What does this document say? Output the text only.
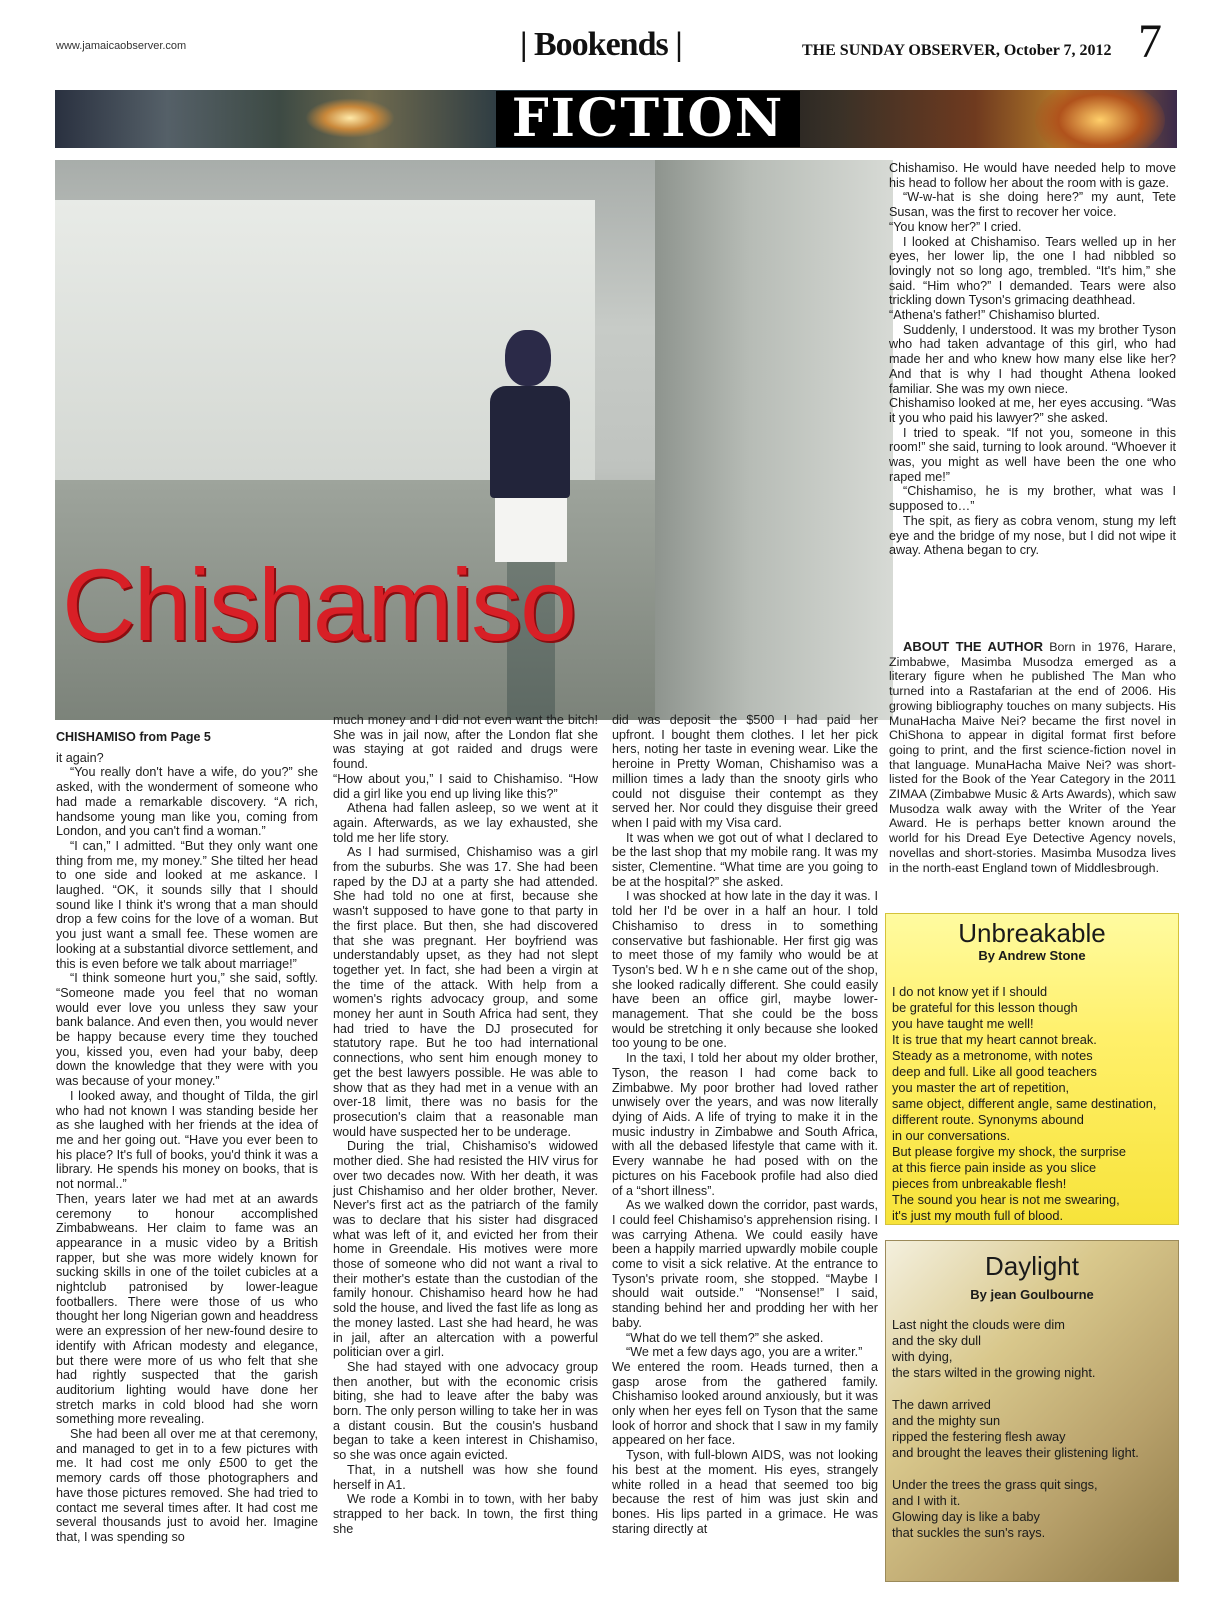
www.jamaicaobserver.com	| Bookends |	THE SUNDAY OBSERVER, October 7, 2012 7
FICTION
Chishamiso

CHISHAMISO from Page 5

it again?

“You really don't have a wife, do you?” she asked, with the wonderment of someone who had made a remarkable discovery. “A rich, handsome young man like you, coming from London, and you can't find a woman.”

“I can,” I admitted. “But they only want one thing from me, my money.” She tilted her head to one side and looked at me askance. I laughed. “OK, it sounds silly that I should sound like I think it's wrong that a man should drop a few coins for the love of a woman. But you just want a small fee. These women are looking at a substantial divorce settlement, and this is even before we talk about marriage!”

“I think someone hurt you,” she said, softly. “Someone made you feel that no woman would ever love you unless they saw your bank balance. And even then, you would never be happy because every time they touched you, kissed you, even had your baby, deep down the knowledge that they were with you was because of your money.”

I looked away, and thought of Tilda, the girl who had not known I was standing beside her as she laughed with her friends at the idea of me and her going out. “Have you ever been to his place? It's full of books, you'd think it was a library. He spends his money on books, that is not normal..”

Then, years later we had met at an awards ceremony to honour accomplished Zimbabweans. Her claim to fame was an appearance in a music video by a British rapper, but she was more widely known for sucking skills in one of the toilet cubicles at a nightclub patronised by lower-league footballers. There were those of us who thought her long Nigerian gown and headdress were an expression of her new-found desire to identify with African modesty and elegance, but there were more of us who felt that she had rightly suspected that the garish auditorium lighting would have done her stretch marks in cold blood had she worn something more revealing.

She had been all over me at that ceremony, and managed to get in to a few pictures with me. It had cost me only £500 to get the memory cards off those photographers and have those pictures removed. She had tried to contact me several times after. It had cost me several thousands just to avoid her. Imagine that, I was spending so

much money and I did not even want the bitch! She was in jail now, after the London flat she was staying at got raided and drugs were found.

“How about you,” I said to Chishamiso. “How did a girl like you end up living like this?”

Athena had fallen asleep, so we went at it again. Afterwards, as we lay exhausted, she told me her life story.

As I had surmised, Chishamiso was a girl from the suburbs. She was 17. She had been raped by the DJ at a party she had attended. She had told no one at first, because she wasn't supposed to have gone to that party in the first place. But then, she had discovered that she was pregnant. Her boyfriend was understandably upset, as they had not slept together yet. In fact, she had been a virgin at the time of the attack. With help from a women's rights advocacy group, and some money her aunt in South Africa had sent, they had tried to have the DJ prosecuted for statutory rape. But he too had international connections, who sent him enough money to get the best lawyers possible. He was able to show that as they had met in a venue with an over-18 limit, there was no basis for the prosecution's claim that a reasonable man would have suspected her to be underage.

During the trial, Chishamiso's widowed mother died. She had resisted the HIV virus for over two decades now. With her death, it was just Chishamiso and her older brother, Never. Never's first act as the patriarch of the family was to declare that his sister had disgraced what was left of it, and evicted her from their home in Greendale. His motives were more those of someone who did not want a rival to their mother's estate than the custodian of the family honour. Chishamiso heard how he had sold the house, and lived the fast life as long as the money lasted. Last she had heard, he was in jail, after an altercation with a powerful politician over a girl.

She had stayed with one advocacy group then another, but with the economic crisis biting, she had to leave after the baby was born. The only person willing to take her in was a distant cousin. But the cousin's husband began to take a keen interest in Chishamiso, so she was once again evicted.

That, in a nutshell was how she found herself in A1.

We rode a Kombi in to town, with her baby strapped to her back. In town, the first thing she

did was deposit the $500 I had paid her upfront. I bought them clothes. I let her pick hers, noting her taste in evening wear. Like the heroine in Pretty Woman, Chishamiso was a million times a lady than the snooty girls who could not disguise their contempt as they served her. Nor could they disguise their greed when I paid with my Visa card.

It was when we got out of what I declared to be the last shop that my mobile rang. It was my sister, Clementine. “What time are you going to be at the hospital?” she asked.

I was shocked at how late in the day it was. I told her I'd be over in a half an hour. I told Chishamiso to dress in to something conservative but fashionable. Her first gig was to meet those of my family who would be at Tyson's bed. W h e n she came out of the shop, she looked radically different. She could easily have been an office girl, maybe lower-management. That she could be the boss would be stretching it only because she looked too young to be one.

In the taxi, I told her about my older brother, Tyson, the reason I had come back to Zimbabwe. My poor brother had loved rather unwisely over the years, and was now literally dying of Aids. A life of trying to make it in the music industry in Zimbabwe and South Africa, with all the debased lifestyle that came with it. Every wannabe he had posed with on the pictures on his Facebook profile had also died of a “short illness”.

As we walked down the corridor, past wards, I could feel Chishamiso's apprehension rising. I was carrying Athena. We could easily have been a happily married upwardly mobile couple come to visit a sick relative. At the entrance to Tyson's private room, she stopped. “Maybe I should wait outside.” “Nonsense!” I said, standing behind her and prodding her with her baby.

“What do we tell them?” she asked.

“We met a few days ago, you are a writer.”

We entered the room. Heads turned, then a gasp arose from the gathered family. Chishamiso looked around anxiously, but it was only when her eyes fell on Tyson that the same look of horror and shock that I saw in my family appeared on her face.

Tyson, with full-blown AIDS, was not looking his best at the moment. His eyes, strangely white rolled in a head that seemed too big because the rest of him was just skin and bones. His lips parted in a grimace. He was staring directly at

Chishamiso. He would have needed help to move his head to follow her about the room with is gaze.

“W-w-hat is she doing here?” my aunt, Tete Susan, was the first to recover her voice.

“You know her?” I cried.

I looked at Chishamiso. Tears welled up in her eyes, her lower lip, the one I had nibbled so lovingly not so long ago, trembled. “It's him,” she said. “Him who?” I demanded. Tears were also trickling down Tyson's grimacing deathhead.

“Athena's father!” Chishamiso blurted.

Suddenly, I understood. It was my brother Tyson who had taken advantage of this girl, who had made her and who knew how many else like her? And that is why I had thought Athena looked familiar. She was my own niece.

Chishamiso looked at me, her eyes accusing. “Was it you who paid his lawyer?” she asked.

I tried to speak. “If not you, someone in this room!” she said, turning to look around. “Whoever it was, you might as well have been the one who raped me!”

“Chishamiso, he is my brother, what was I supposed to…”

The spit, as fiery as cobra venom, stung my left eye and the bridge of my nose, but I did not wipe it away. Athena began to cry.

ABOUT THE AUTHOR Born in 1976, Harare, Zimbabwe, Masimba Musodza emerged as a literary figure when he published The Man who turned into a Rastafarian at the end of 2006. His growing bibliography touches on many subjects. His MunaHacha Maive Nei? became the first novel in ChiShona to appear in digital format first before going to print, and the first science-fiction novel in that language. MunaHacha Maive Nei? was short-listed for the Book of the Year Category in the 2011 ZIMAA (Zimbabwe Music & Arts Awards), which saw Musodza walk away with the Writer of the Year Award. He is perhaps better known around the world for his Dread Eye Detective Agency novels, novellas and short-stories. Masimba Musodza lives in the north-east England town of Middlesbrough.
Unbreakable
By Andrew Stone
I do not know yet if I should
be grateful for this lesson though
you have taught me well!
It is true that my heart cannot break.
Steady as a metronome, with notes
deep and full. Like all good teachers
you master the art of repetition,
same object, different angle, same destination,
different route. Synonyms abound
in our conversations.
But please forgive my shock, the surprise
at this fierce pain inside as you slice
pieces from unbreakable flesh!
The sound you hear is not me swearing,
it's just my mouth full of blood.
Daylight
By jean Goulbourne
Last night the clouds were dim
and the sky dull
with dying,
the stars wilted in the growing night.
The dawn arrived
and the mighty sun
ripped the festering flesh away
and brought the leaves their glistening light.
Under the trees the grass quit sings,
and I with it.
Glowing day is like a baby
that suckles the sun's rays.
